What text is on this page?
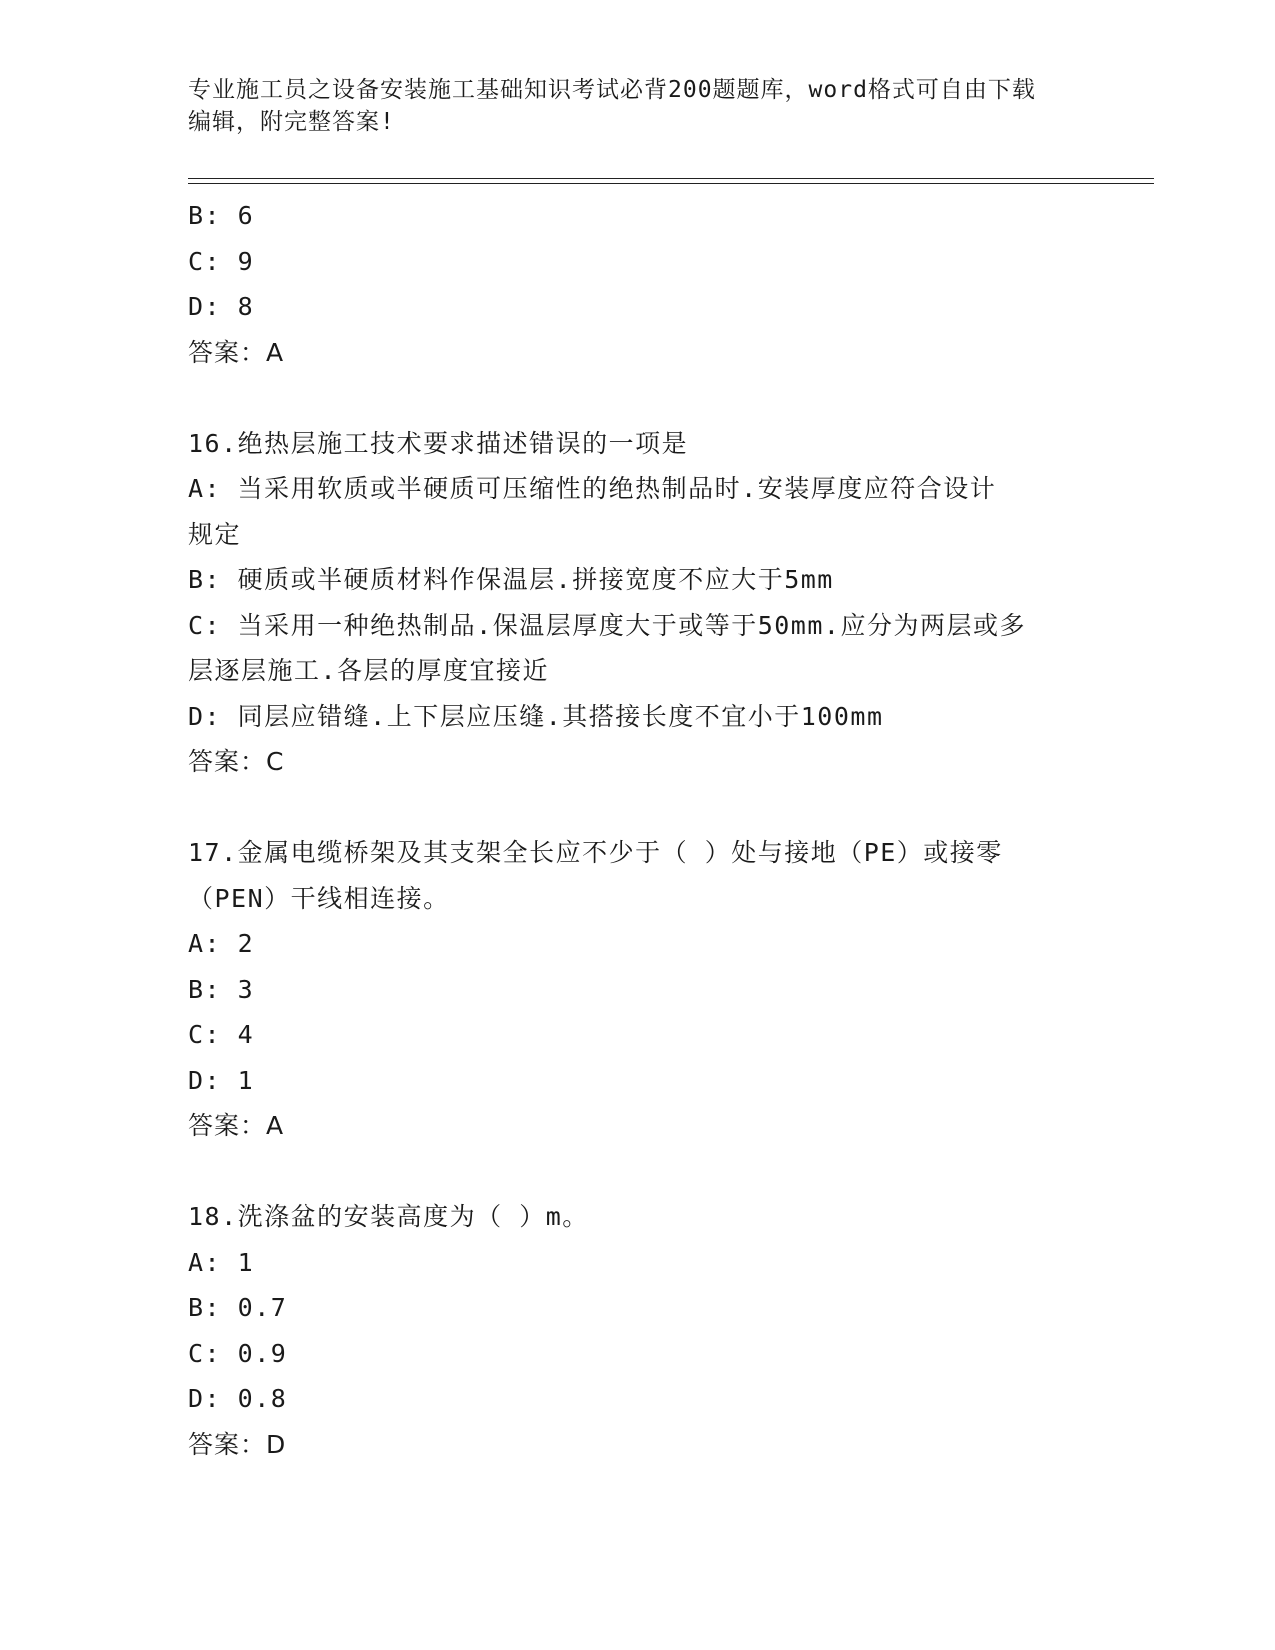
专业施工员之设备安装施工基础知识考试必背200题题库，word格式可自由下载
编辑，附完整答案!
B: 6
C: 9
D: 8
答案：A
16.绝热层施工技术要求描述错误的一项是
A: 当采用软质或半硬质可压缩性的绝热制品时.安装厚度应符合设计
规定
B: 硬质或半硬质材料作保温层.拼接宽度不应大于5mm
C: 当采用一种绝热制品.保温层厚度大于或等于50mm.应分为两层或多
层逐层施工.各层的厚度宜接近
D: 同层应错缝.上下层应压缝.其搭接长度不宜小于100mm
答案：C
17.金属电缆桥架及其支架全长应不少于（ ）处与接地（PE）或接零
（PEN）干线相连接。
A: 2
B: 3
C: 4
D: 1
答案：A
18.洗涤盆的安装高度为（ ）m。
A: 1
B: 0.7
C: 0.9
D: 0.8
答案：D
